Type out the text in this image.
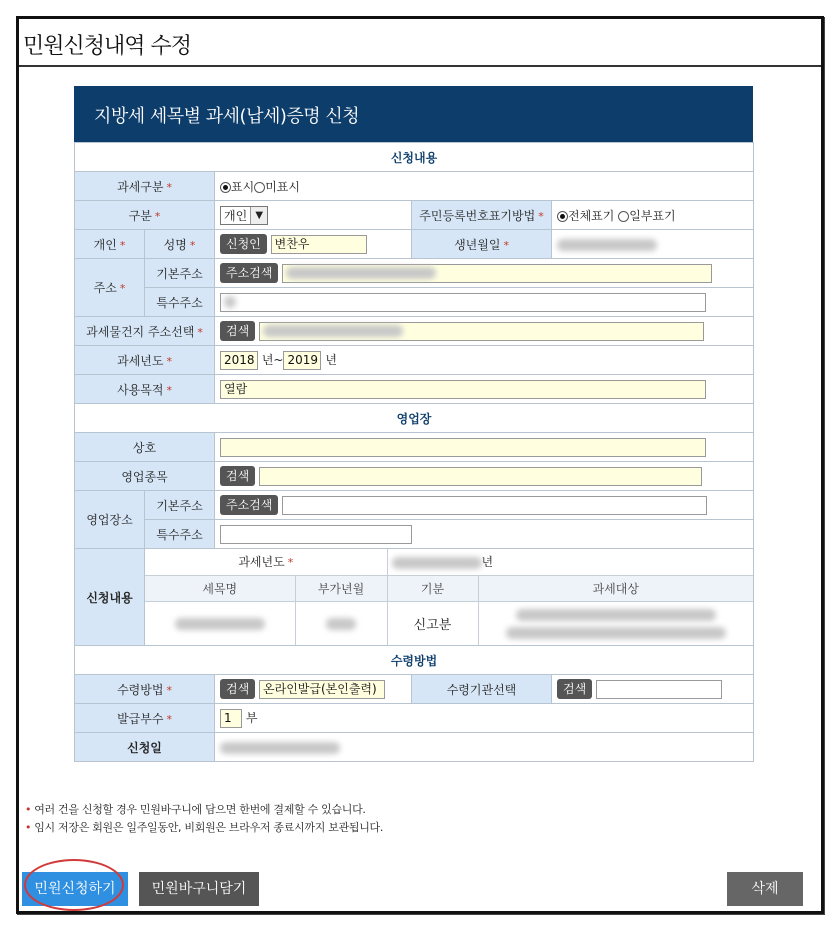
민원신청내역 수정
지방세 세목별 과세(납세)증명 신청
신청내용
과세구분 *	표시 미표시
구분 *	개인 ▼	주민등록번호표기방법 *	전체표기 일부표기
개인 *	성명 *	신청인 변찬우	생년월일 *	
주소 *	기본주소	주소검색
특수주소	
과세물건지 주소선택 *	검색
과세년도 *	2018 년~ 2019 년
사용목적 *	열람
영업장
상호	
영업종목	검색
영업장소	기본주소	주소검색
특수주소	
신청내용	
과세년도 *	년
세목명	부가년월	기분	과세대상
		신고분	

수령방법
수령방법 *	검색 온라인발급(본인출력)	수령기관선택	검색
발급부수 *	1 부
신청일	
• 여러 건을 신청할 경우 민원바구니에 담으면 한번에 결제할 수 있습니다.
• 임시 저장은 회원은 일주일동안, 비회원은 브라우저 종료시까지 보관됩니다.
민원신청하기	민원바구니담기	삭제
